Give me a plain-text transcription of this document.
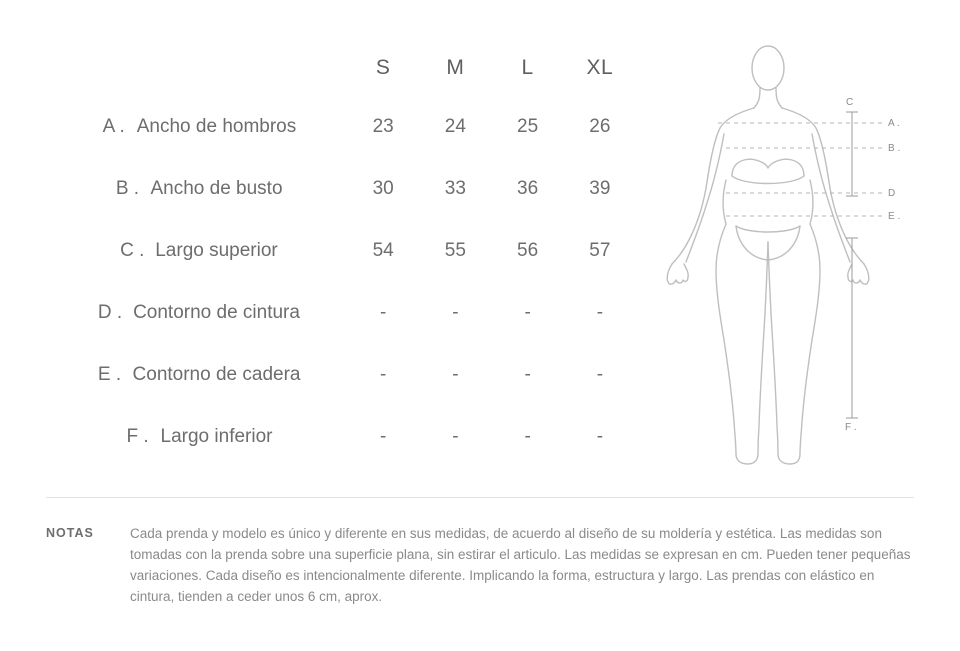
	S	M	L	XL
A . Ancho de hombros	23	24	25	26
B . Ancho de busto	30	33	36	39
C . Largo superior	54	55	56	57
D . Contorno de cintura	-	-	-	-
E . Contorno de cadera	-	-	-	-
F . Largo inferior	-	-	-	-
C
A .
B .
D
E .
F .
NOTAS	Cada prenda y modelo es único y diferente en sus medidas, de acuerdo al diseño de su moldería y estética. Las medidas son tomadas con la prenda sobre una superficie plana, sin estirar el articulo. Las medidas se expresan en cm. Pueden tener pequeñas variaciones. Cada diseño es intencionalmente diferente. Implicando la forma, estructura y largo. Las prendas con elástico en cintura, tienden a ceder unos 6 cm, aprox.
